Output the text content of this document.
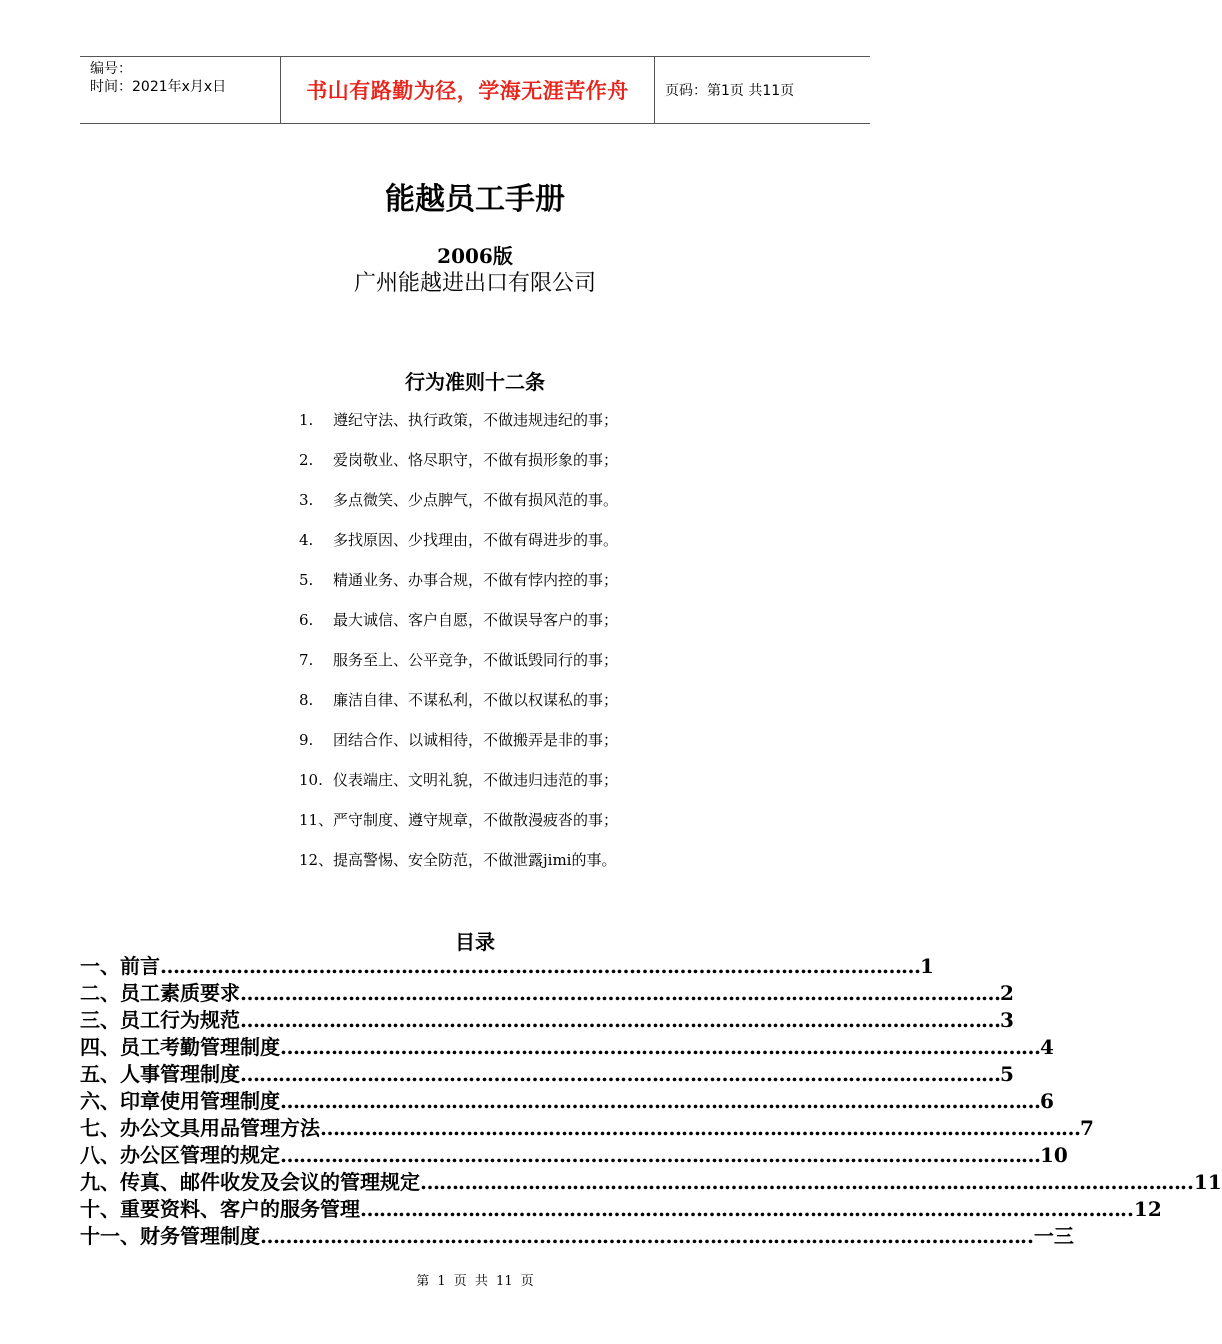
编号：
时间：2021年x月x日	书山有路勤为径，学海无涯苦作舟	页码：第1页 共11页
能越员工手册
2006版
广州能越进出口有限公司
行为准则十二条
1.	遵纪守法、执行政策，不做违规违纪的事；
2.	爱岗敬业、恪尽职守，不做有损形象的事；
3.	多点微笑、少点脾气，不做有损风范的事。
4.	多找原因、少找理由，不做有碍进步的事。
5.	精通业务、办事合规，不做有悖内控的事；
6.	最大诚信、客户自愿，不做误导客户的事；
7.	服务至上、公平竞争，不做诋毁同行的事；
8.	廉洁自律、不谋私利，不做以权谋私的事；
9.	团结合作、以诚相待，不做搬弄是非的事；
10. 仪表端庄、文明礼貌，不做违归违范的事；
11、 严守制度、遵守规章，不做散漫疲沓的事；
12、 提高警惕、安全防范，不做泄露jimi的事。
目录
一、 前言 ………………………………………………………………………………………………………… 1
二、 员工素质要求 ………………………………………………………………………………………………………… 2
三、 员工行为规范 ………………………………………………………………………………………………………… 3
四、 员工考勤管理制度 ………………………………………………………………………………………………………… 4
五、 人事管理制度 ………………………………………………………………………………………………………… 5
六、 印章使用管理制度 ………………………………………………………………………………………………………… 6
七、 办公文具用品管理方法 ………………………………………………………………………………………………………… 7
八、 办公区管理的规定 ………………………………………………………………………………………………………… 10
九、 传真、邮件收发及会议的管理规定 ………………………………………………………………………………………………………… ..11
十、 重要资料、客户的服务管理 ………………………………………………………………………………………………………… ..12
十一、 财务管理制度 ………………………………………………………………………………………………………… ..一三
第 1 页 共 11 页
